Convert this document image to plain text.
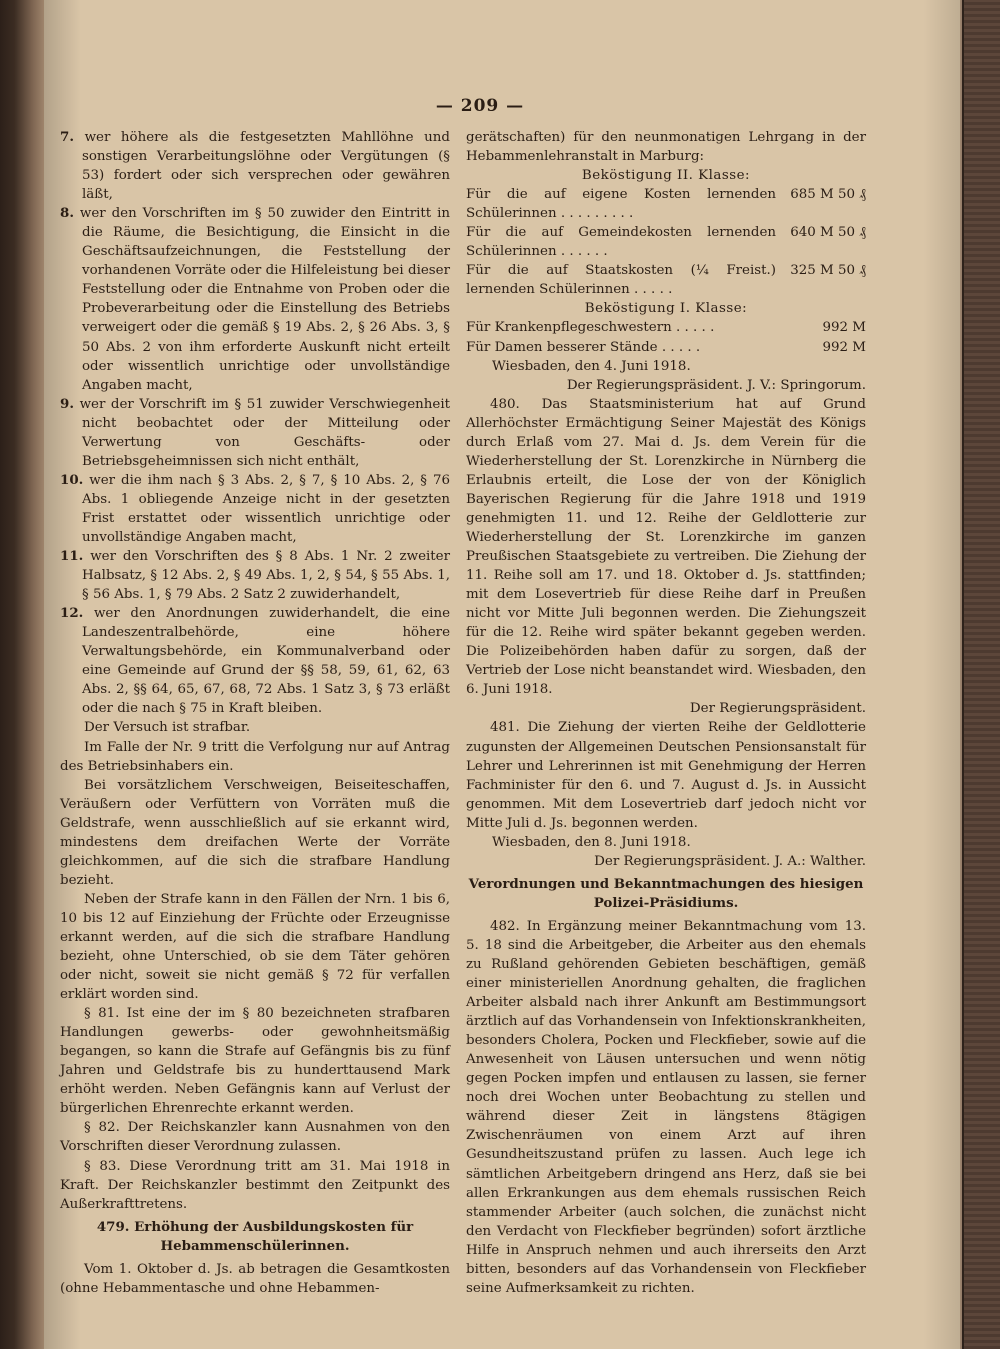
— 209 —

7. wer höhere als die festgesetzten Mahllöhne und sonstigen Verarbeitungslöhne oder Vergütungen (§ 53) fordert oder sich versprechen oder gewähren läßt,

8. wer den Vorschriften im § 50 zuwider den Eintritt in die Räume, die Besichtigung, die Einsicht in die Geschäftsaufzeichnungen, die Feststellung der vorhandenen Vorräte oder die Hilfeleistung bei dieser Feststellung oder die Entnahme von Proben oder die Probeverarbeitung oder die Einstellung des Betriebs verweigert oder die gemäß § 19 Abs. 2, § 26 Abs. 3, § 50 Abs. 2 von ihm erforderte Auskunft nicht erteilt oder wissentlich unrichtige oder unvollständige Angaben macht,

9. wer der Vorschrift im § 51 zuwider Verschwiegenheit nicht beobachtet oder der Mitteilung oder Verwertung von Geschäfts- oder Betriebsgeheimnissen sich nicht enthält,

10. wer die ihm nach § 3 Abs. 2, § 7, § 10 Abs. 2, § 76 Abs. 1 obliegende Anzeige nicht in der gesetzten Frist erstattet oder wissentlich unrichtige oder unvollständige Angaben macht,

11. wer den Vorschriften des § 8 Abs. 1 Nr. 2 zweiter Halbsatz, § 12 Abs. 2, § 49 Abs. 1, 2, § 54, § 55 Abs. 1, § 56 Abs. 1, § 79 Abs. 2 Satz 2 zuwiderhandelt,

12. wer den Anordnungen zuwiderhandelt, die eine Landeszentralbehörde, eine höhere Verwaltungsbehörde, ein Kommunalverband oder eine Gemeinde auf Grund der §§ 58, 59, 61, 62, 63 Abs. 2, §§ 64, 65, 67, 68, 72 Abs. 1 Satz 3, § 73 erläßt oder die nach § 75 in Kraft bleiben.

Der Versuch ist strafbar.

Im Falle der Nr. 9 tritt die Verfolgung nur auf Antrag des Betriebsinhabers ein.

Bei vorsätzlichem Verschweigen, Beiseiteschaffen, Veräußern oder Verfüttern von Vorräten muß die Geldstrafe, wenn ausschließlich auf sie erkannt wird, mindestens dem dreifachen Werte der Vorräte gleichkommen, auf die sich die strafbare Handlung bezieht.

Neben der Strafe kann in den Fällen der Nrn. 1 bis 6, 10 bis 12 auf Einziehung der Früchte oder Erzeugnisse erkannt werden, auf die sich die strafbare Handlung bezieht, ohne Unterschied, ob sie dem Täter gehören oder nicht, soweit sie nicht gemäß § 72 für verfallen erklärt worden sind.

§ 81. Ist eine der im § 80 bezeichneten strafbaren Handlungen gewerbs- oder gewohnheitsmäßig begangen, so kann die Strafe auf Gefängnis bis zu fünf Jahren und Geldstrafe bis zu hunderttausend Mark erhöht werden. Neben Gefängnis kann auf Verlust der bürgerlichen Ehrenrechte erkannt werden.

§ 82. Der Reichskanzler kann Ausnahmen von den Vorschriften dieser Verordnung zulassen.

§ 83. Diese Verordnung tritt am 31. Mai 1918 in Kraft. Der Reichskanzler bestimmt den Zeitpunkt des Außerkrafttretens.

479. Erhöhung der Ausbildungskosten für Hebammenschülerinnen.

Vom 1. Oktober d. Js. ab betragen die Gesamtkosten (ohne Hebammentasche und ohne Hebammen-

gerätschaften) für den neunmonatigen Lehrgang in der Hebammenlehranstalt in Marburg:

Beköstigung II. Klasse:

Für die auf eigene Kosten lernenden Schülerinnen . . . . . . . . .
685 M 50 ₰
Für die auf Gemeindekosten lernenden Schülerinnen . . . . . .
640 M 50 ₰
Für die auf Staatskosten (¼ Freist.) lernenden Schülerinnen . . . . .
325 M 50 ₰

Beköstigung I. Klasse:

Für Krankenpflegeschwestern . . . . .	992 M
Für Damen besserer Stände . . . . .	992 M

Wiesbaden, den 4. Juni 1918.

Der Regierungspräsident. J. V.: Springorum.

480. Das Staatsministerium hat auf Grund Allerhöchster Ermächtigung Seiner Majestät des Königs durch Erlaß vom 27. Mai d. Js. dem Verein für die Wiederherstellung der St. Lorenzkirche in Nürnberg die Erlaubnis erteilt, die Lose der von der Königlich Bayerischen Regierung für die Jahre 1918 und 1919 genehmigten 11. und 12. Reihe der Geldlotterie zur Wiederherstellung der St. Lorenzkirche im ganzen Preußischen Staatsgebiete zu vertreiben. Die Ziehung der 11. Reihe soll am 17. und 18. Oktober d. Js. stattfinden; mit dem Losevertrieb für diese Reihe darf in Preußen nicht vor Mitte Juli begonnen werden. Die Ziehungszeit für die 12. Reihe wird später bekannt gegeben werden. Die Polizeibehörden haben dafür zu sorgen, daß der Vertrieb der Lose nicht beanstandet wird. Wiesbaden, den 6. Juni 1918.

Der Regierungspräsident.

481. Die Ziehung der vierten Reihe der Geldlotterie zugunsten der Allgemeinen Deutschen Pensionsanstalt für Lehrer und Lehrerinnen ist mit Genehmigung der Herren Fachminister für den 6. und 7. August d. Js. in Aussicht genommen. Mit dem Losevertrieb darf jedoch nicht vor Mitte Juli d. Js. begonnen werden.

Wiesbaden, den 8. Juni 1918.

Der Regierungspräsident. J. A.: Walther.

Verordnungen und Bekanntmachungen des hiesigen Polizei-Präsidiums.

482. In Ergänzung meiner Bekanntmachung vom 13. 5. 18 sind die Arbeitgeber, die Arbeiter aus den ehemals zu Rußland gehörenden Gebieten beschäftigen, gemäß einer ministeriellen Anordnung gehalten, die fraglichen Arbeiter alsbald nach ihrer Ankunft am Bestimmungsort ärztlich auf das Vorhandensein von Infektionskrankheiten, besonders Cholera, Pocken und Fleckfieber, sowie auf die Anwesenheit von Läusen untersuchen und wenn nötig gegen Pocken impfen und entlausen zu lassen, sie ferner noch drei Wochen unter Beobachtung zu stellen und während dieser Zeit in längstens 8tägigen Zwischenräumen von einem Arzt auf ihren Gesundheitszustand prüfen zu lassen. Auch lege ich sämtlichen Arbeitgebern dringend ans Herz, daß sie bei allen Erkrankungen aus dem ehemals russischen Reich stammender Arbeiter (auch solchen, die zunächst nicht den Verdacht von Fleckfieber begründen) sofort ärztliche Hilfe in Anspruch nehmen und auch ihrerseits den Arzt bitten, besonders auf das Vorhandensein von Fleckfieber seine Aufmerksamkeit zu richten.
